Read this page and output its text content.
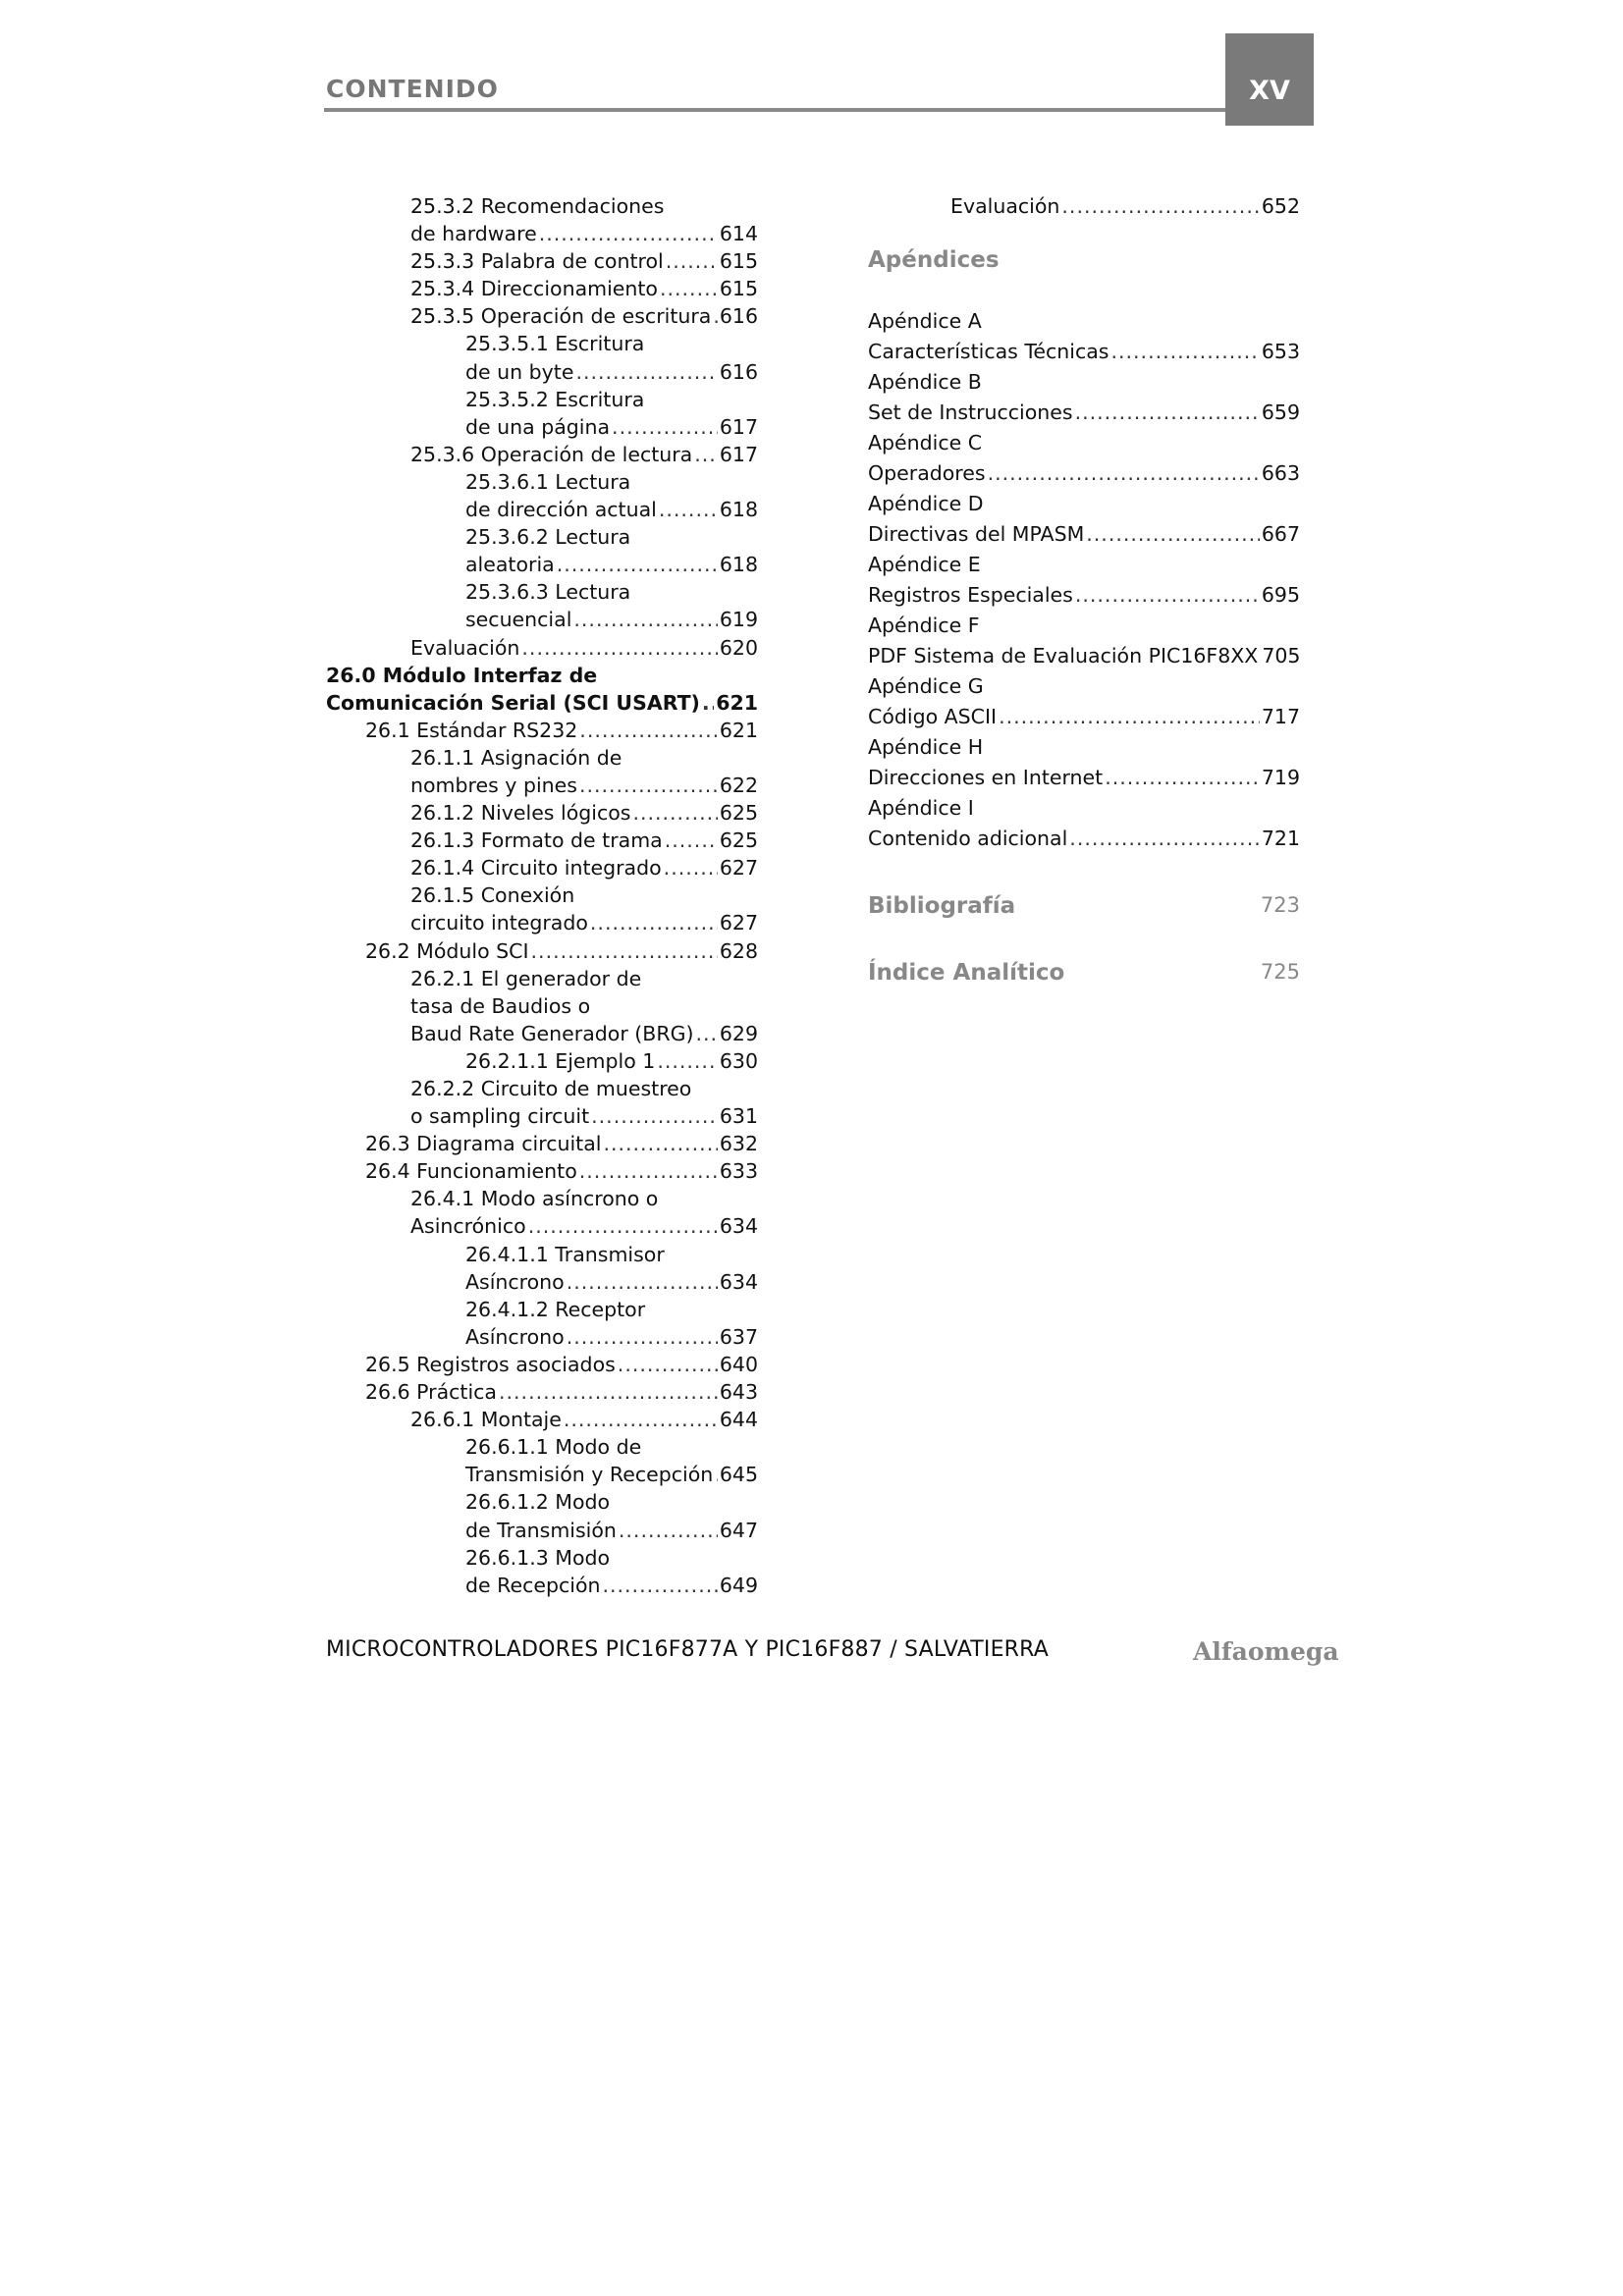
CONTENIDO	XV
25.3.2 Recomendaciones
de hardware .....	614
25.3.3 Palabra de control .....	615
25.3.4 Direccionamiento .....	615
25.3.5 Operación de escritura ..... 616
25.3.5.1 Escritura
de un byte .....	616
25.3.5.2 Escritura
de una página .....	617
25.3.6 Operación de lectura ..... 617
25.3.6.1 Lectura
de dirección actual .....	618
25.3.6.2 Lectura
aleatoria .....	618
25.3.6.3 Lectura
secuencial .....	619
Evaluación .....	620
26.0 Módulo Interfaz de
Comunicación Serial (SCI USART) ..... 621
26.1 Estándar RS232 .....	621
26.1.1 Asignación de
nombres y pines .....	622
26.1.2 Niveles lógicos .....	625
26.1.3 Formato de trama .....	625
26.1.4 Circuito integrado .....	627
26.1.5 Conexión
circuito integrado .....	627
26.2 Módulo SCI .....	628
26.2.1 El generador de
tasa de Baudios o
Baud Rate Generador (BRG) ..... 629
26.2.1.1 Ejemplo 1 .....	630
26.2.2 Circuito de muestreo
o sampling circuit .....	631
26.3 Diagrama circuital .....	632
26.4 Funcionamiento .....	633
26.4.1 Modo asíncrono o
Asincrónico .....	634
26.4.1.1 Transmisor
Asíncrono .....	634
26.4.1.2 Receptor
Asíncrono .....	637
26.5 Registros asociados .....	640
26.6 Práctica .....	643
26.6.1 Montaje .....	644
26.6.1.1 Modo de
Transmisión y Recepción ..... 645
26.6.1.2 Modo
de Transmisión .....	647
26.6.1.3 Modo
de Recepción .....	649
Evaluación .....	652
Apéndices
Apéndice A
Características Técnicas .....	653
Apéndice B
Set de Instrucciones .....	659
Apéndice C
Operadores .....	663
Apéndice D
Directivas del MPASM .....	667
Apéndice E
Registros Especiales .....	695
Apéndice F
PDF Sistema de Evaluación PIC16F8XX 705
Apéndice G
Código ASCII .....	717
Apéndice H
Direcciones en Internet .....	719
Apéndice I
Contenido adicional .....	721
Bibliografía	723
Índice Analítico	725
MICROCONTROLADORES PIC16F877A Y PIC16F887 / SALVATIERRA	Alfaomega
